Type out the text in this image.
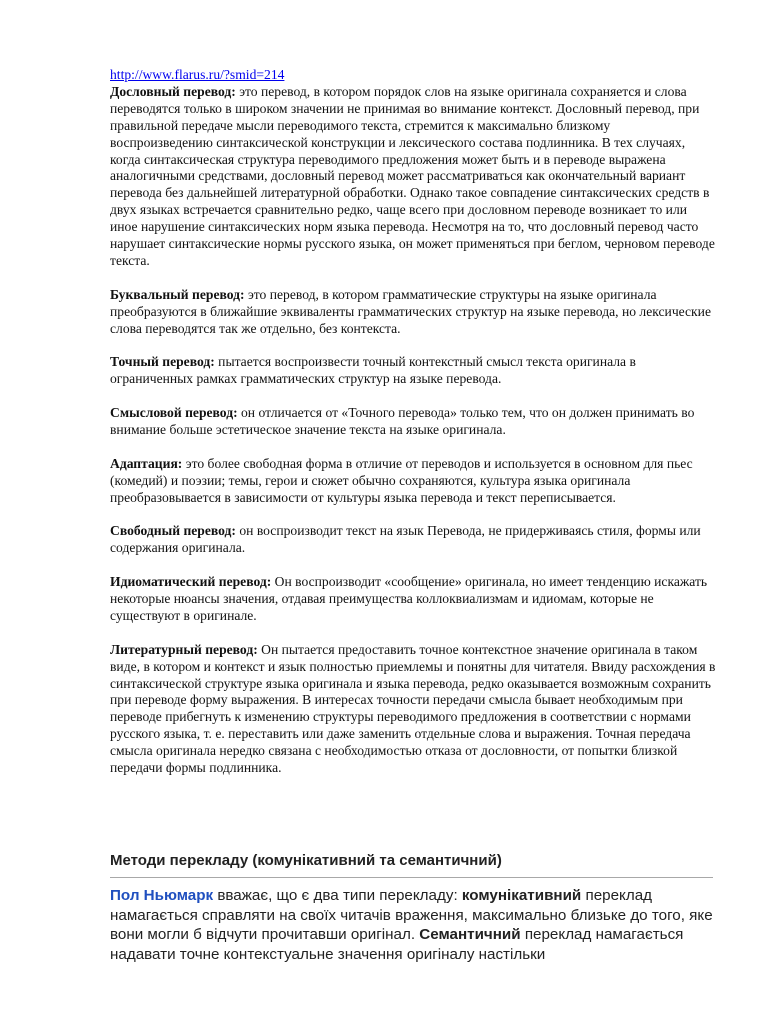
http://www.flarus.ru/?smid=214

Дословный перевод: это перевод, в котором порядок слов на языке оригинала сохраняется и слова переводятся только в широком значении не принимая во внимание контекст. Дословный перевод, при правильной передаче мысли переводимого текста, стремится к максимально близкому воспроизведению синтаксической конструкции и лексического состава подлинника. В тех случаях, когда синтаксическая структура переводимого предложения может быть и в переводе выражена аналогичными средствами, дословный перевод может рассматриваться как окончательный вариант перевода без дальнейшей литературной обработки. Однако такое совпадение синтаксических средств в двух языках встречается сравнительно редко, чаще всего при дословном переводе возникает то или иное нарушение синтаксических норм языка перевода. Несмотря на то, что дословный перевод часто нарушает синтаксические нормы русского языка, он может применяться при беглом, черновом переводе текста.

Буквальный перевод: это перевод, в котором грамматические структуры на языке оригинала преобразуются в ближайшие эквиваленты грамматических структур на языке перевода, но лексические слова переводятся так же отдельно, без контекста.

Точный перевод: пытается воспроизвести точный контекстный смысл текста оригинала в ограниченных рамках грамматических структур на языке перевода.

Смысловой перевод: он отличается от «Точного перевода» только тем, что он должен принимать во внимание больше эстетическое значение текста на языке оригинала.

Адаптация: это более свободная форма в отличие от переводов и используется в основном для пьес (комедий) и поэзии; темы, герои и сюжет обычно сохраняются, культура языка оригинала преобразовывается в зависимости от культуры языка перевода и текст переписывается.

Свободный перевод: он воспроизводит текст на язык Перевода, не придерживаясь стиля, формы или содержания оригинала.

Идиоматический перевод: Он воспроизводит «сообщение» оригинала, но имеет тенденцию искажать некоторые нюансы значения, отдавая преимущества коллоквиализмам и идиомам, которые не существуют в оригинале.

Литературный перевод: Он пытается предоставить точное контекстное значение оригинала в таком виде, в котором и контекст и язык полностью приемлемы и понятны для читателя. Ввиду расхождения в синтаксической структуре языка оригинала и языка перевода, редко оказывается возможным сохранить при переводе форму выражения. В интересах точности передачи смысла бывает необходимым при переводе прибегнуть к изменению структуры переводимого предложения в соответствии с нормами русского языка, т. е. переставить или даже заменить отдельные слова и выражения. Точная передача смысла оригинала нередко связана с необходимостью отказа от дословности, от попытки близкой передачи формы подлинника.

Методи перекладу (комунікативний та семантичний)

Пол Ньюмарк вважає, що є два типи перекладу: комунікативний переклад намагається справляти на своїх читачів враження, максимально близьке до того, яке вони могли б відчути прочитавши оригінал. Семантичний переклад намагається надавати точне контекстуальне значення оригіналу настільки
